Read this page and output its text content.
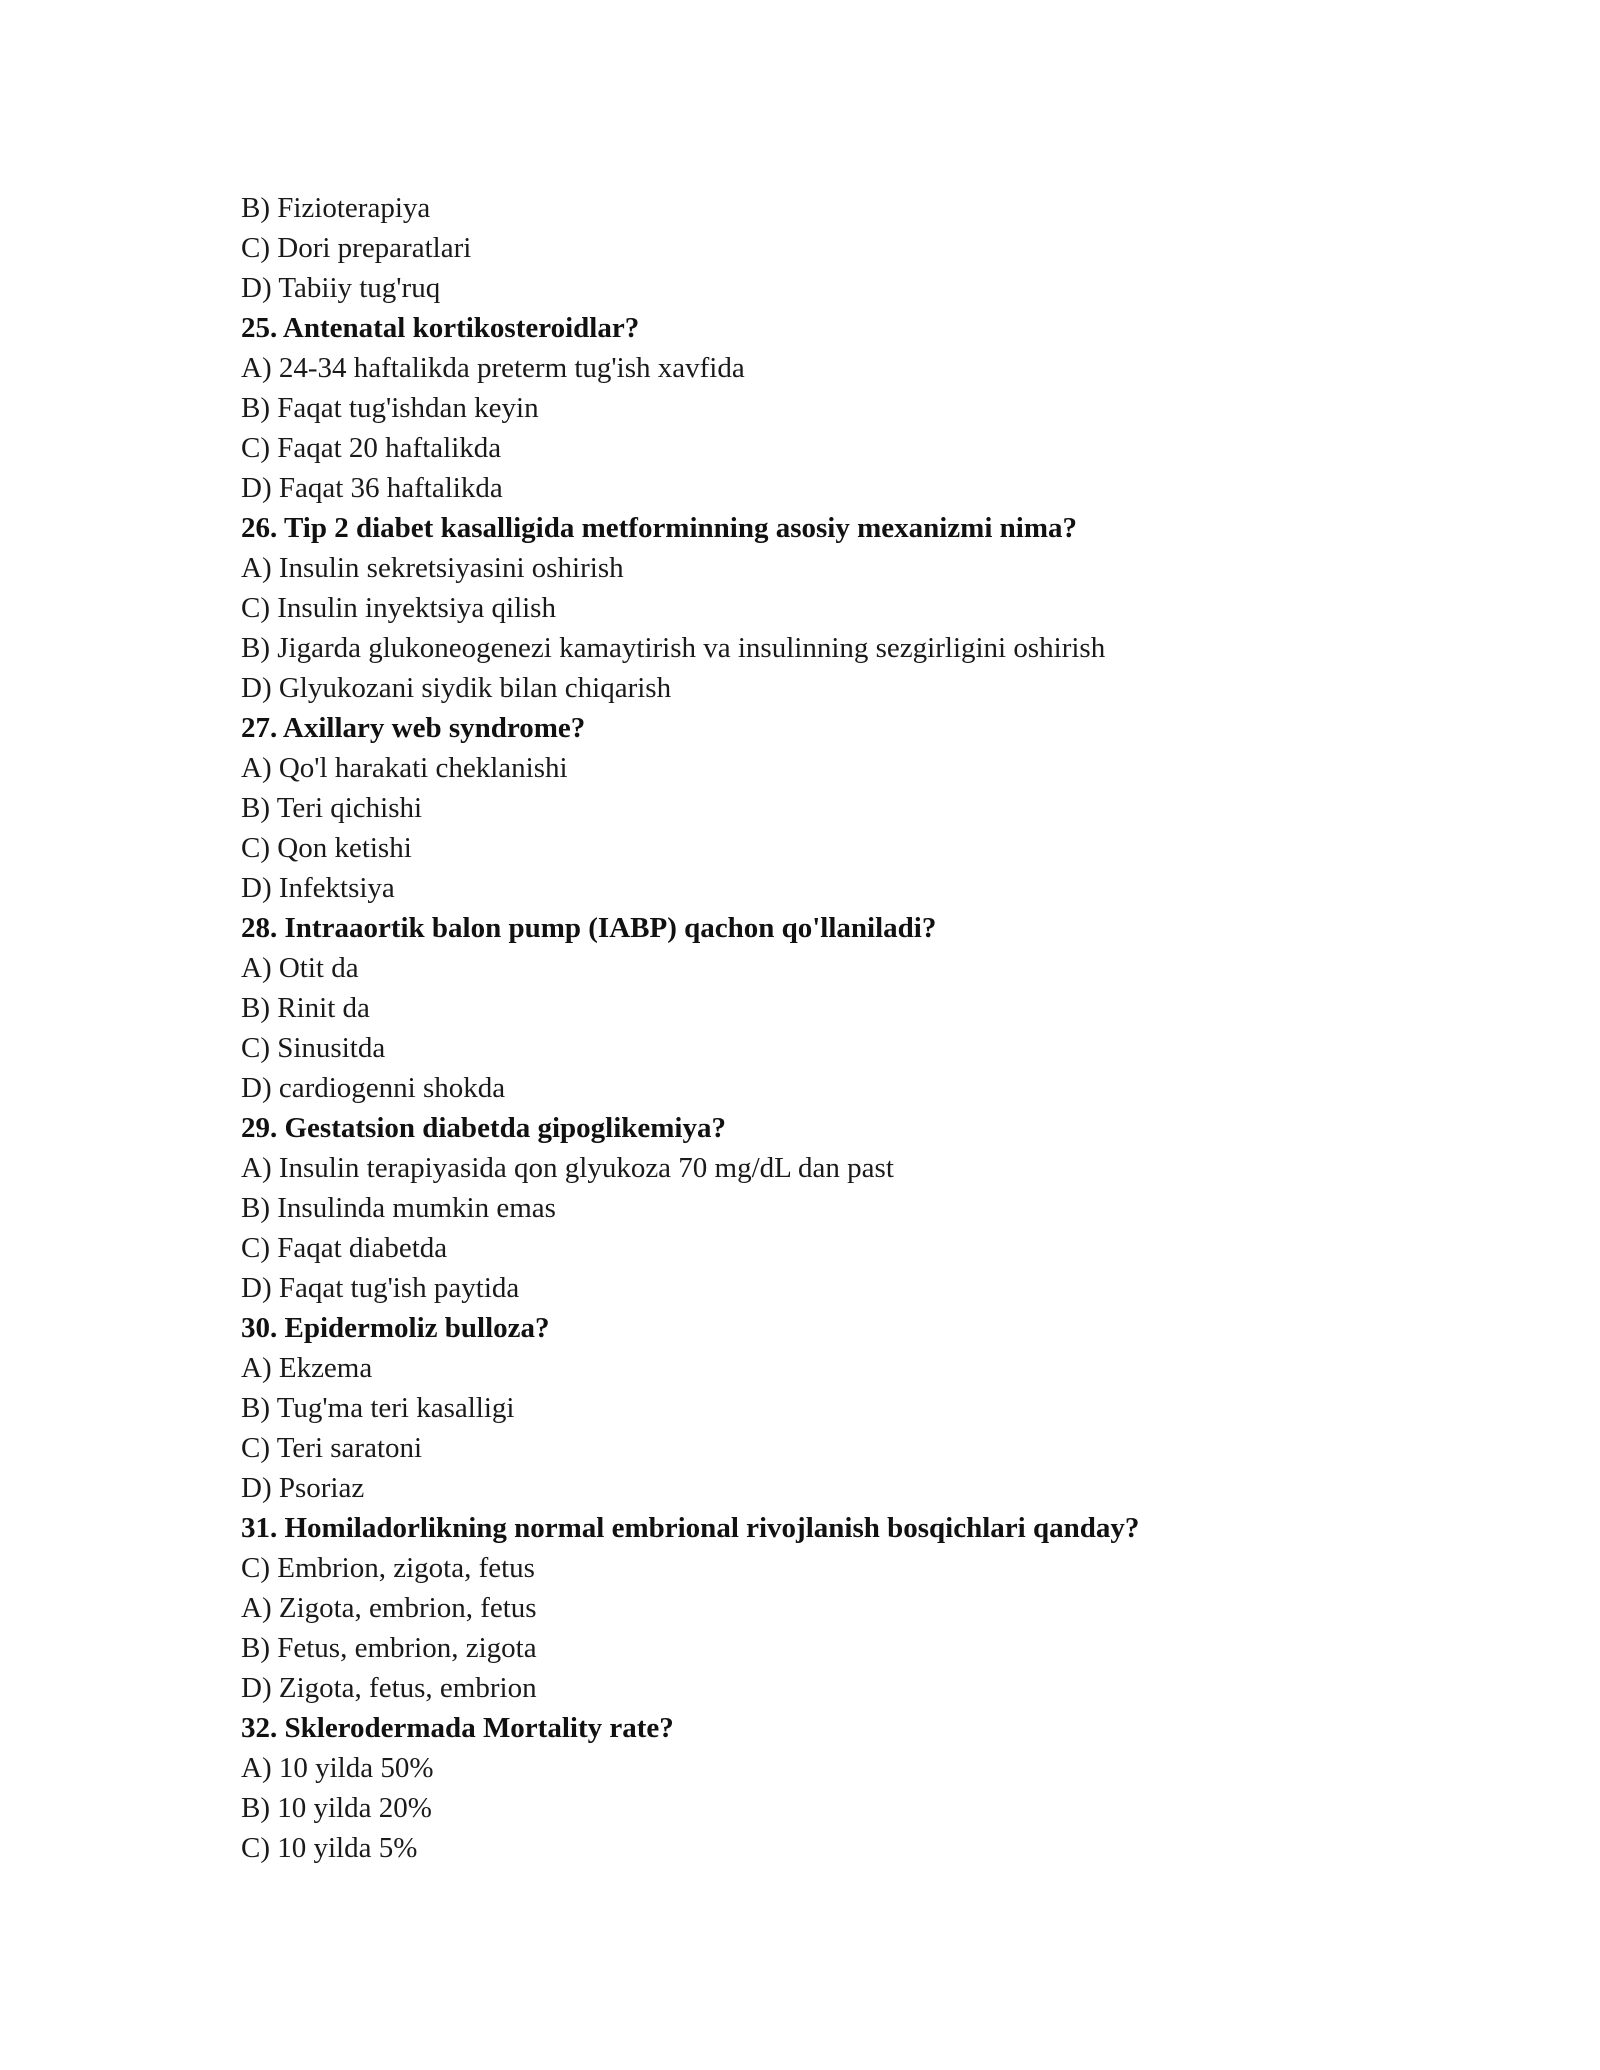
B) Fizioterapiya
C) Dori preparatlari
D) Tabiiy tug'ruq
25. Antenatal kortikosteroidlar?
A) 24-34 haftalikda preterm tug'ish xavfida
B) Faqat tug'ishdan keyin
C) Faqat 20 haftalikda
D) Faqat 36 haftalikda
26. Tip 2 diabet kasalligida metforminning asosiy mexanizmi nima?
A) Insulin sekretsiyasini oshirish
C) Insulin inyektsiya qilish
B) Jigarda glukoneogenezi kamaytirish va insulinning sezgirligini oshirish
D) Glyukozani siydik bilan chiqarish
27. Axillary web syndrome?
A) Qo'l harakati cheklanishi
B) Teri qichishi
C) Qon ketishi
D) Infektsiya
28. Intraaortik balon pump (IABP) qachon qo'llaniladi?
A) Otit da
B) Rinit da
C) Sinusitda
D) cardiogenni shokda
29. Gestatsion diabetda gipoglikemiya?
A) Insulin terapiyasida qon glyukoza 70 mg/dL dan past
B) Insulinda mumkin emas
C) Faqat diabetda
D) Faqat tug'ish paytida
30. Epidermoliz bulloza?
A) Ekzema
B) Tug'ma teri kasalligi
C) Teri saratoni
D) Psoriaz
31. Homiladorlikning normal embrional rivojlanish bosqichlari qanday?
C) Embrion, zigota, fetus
A) Zigota, embrion, fetus
B) Fetus, embrion, zigota
D) Zigota, fetus, embrion
32. Sklerodermada Mortality rate?
A) 10 yilda 50%
B) 10 yilda 20%
C) 10 yilda 5%
